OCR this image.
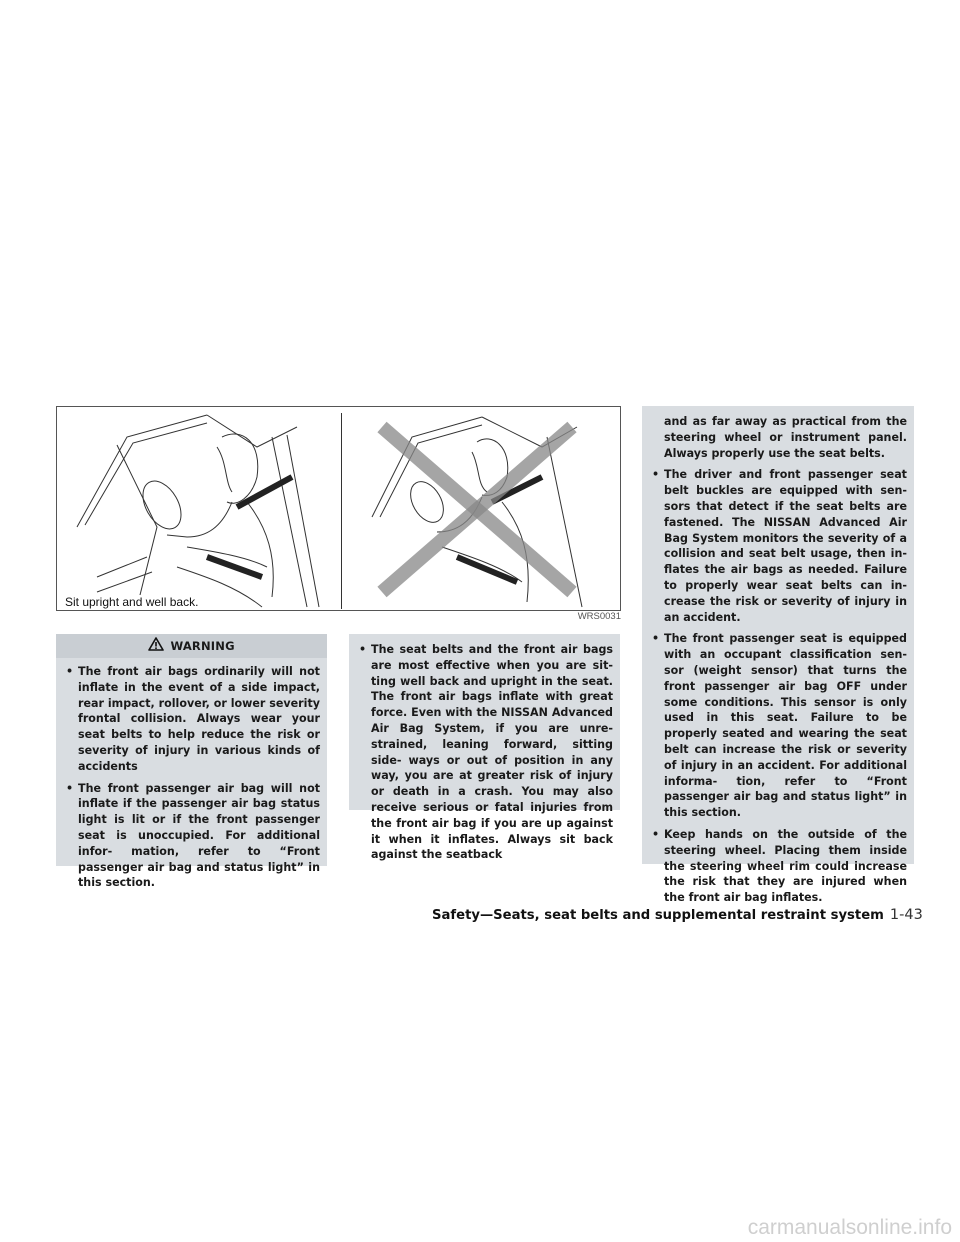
Sit upright and well back.
WRS0031
WARNING
• The front air bags ordinarily will not inflate in the event of a side impact, rear impact, rollover, or lower severity frontal collision. Always wear your seat belts to help reduce the risk or severity of injury in various kinds of accidents
• The front passenger air bag will not inflate if the passenger air bag status light is lit or if the front passenger seat is unoccupied. For additional infor- mation, refer to “Front passenger air bag and status light” in this section.
• The seat belts and the front air bags are most effective when you are sit- ting well back and upright in the seat. The front air bags inflate with great force. Even with the NISSAN Advanced Air Bag System, if you are unre- strained, leaning forward, sitting side- ways or out of position in any way, you are at greater risk of injury or death in a crash. You may also receive serious or fatal injuries from the front air bag if you are up against it when it inflates. Always sit back against the seatback
and as far away as practical from the steering wheel or instrument panel. Always properly use the seat belts.
• The driver and front passenger seat belt buckles are equipped with sen- sors that detect if the seat belts are fastened. The NISSAN Advanced Air Bag System monitors the severity of a collision and seat belt usage, then in- flates the air bags as needed. Failure to properly wear seat belts can in- crease the risk or severity of injury in an accident.
• The front passenger seat is equipped with an occupant classification sen- sor (weight sensor) that turns the front passenger air bag OFF under some conditions. This sensor is only used in this seat. Failure to be properly seated and wearing the seat belt can increase the risk or severity of injury in an accident. For additional informa- tion, refer to “Front passenger air bag and status light” in this section.
• Keep hands on the outside of the steering wheel. Placing them inside the steering wheel rim could increase the risk that they are injured when the front air bag inflates.
Safety—Seats, seat belts and supplemental restraint system 1-43
carmanualsonline.info
